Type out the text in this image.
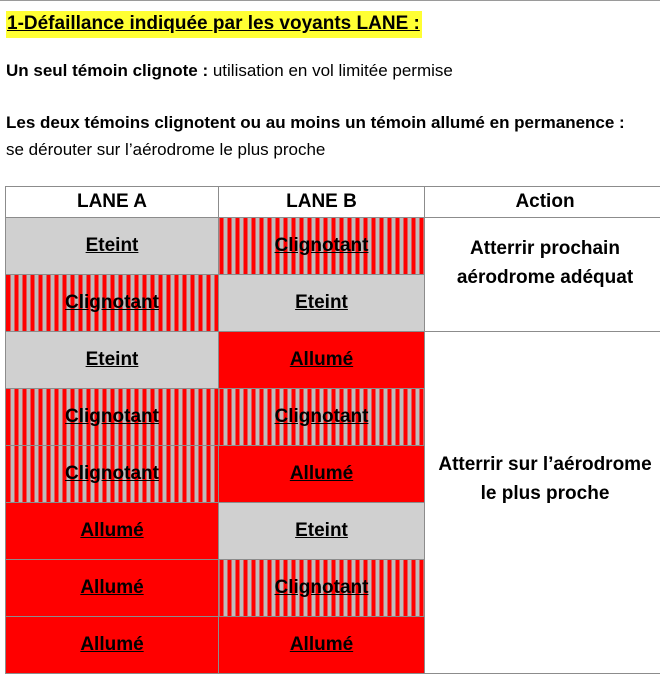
1-Défaillance indiquée par les voyants LANE :
Un seul témoin clignote : utilisation en vol limitée permise
Les deux témoins clignotent ou au moins un témoin allumé en permanence : se dérouter sur l’aérodrome le plus proche
LANE A	LANE B	Action
Eteint	Clignotant	Atterrir prochain aérodrome adéquat
Clignotant	Eteint	
Eteint	Allumé	Atterrir sur l’aérodrome le plus proche
Clignotant	Clignotant	
Clignotant	Allumé	
Allumé	Eteint	
Allumé	Clignotant	
Allumé	Allumé	
